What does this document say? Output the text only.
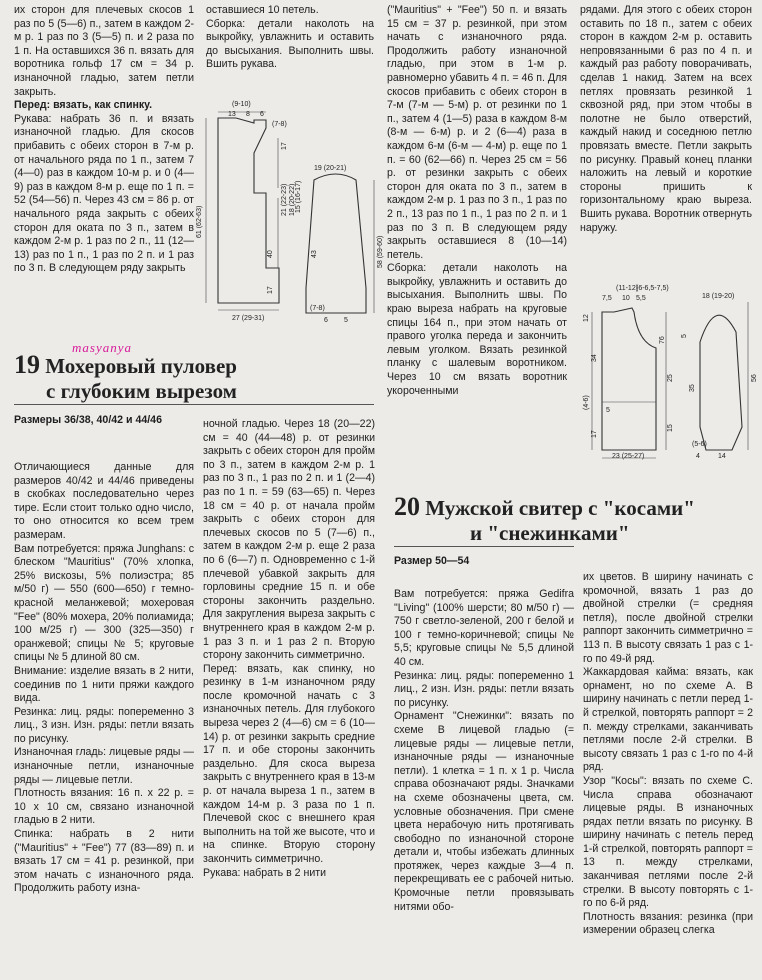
их сторон для плечевых скосов 1 раз по 5 (5—6) п., затем в каждом 2-м р. 1 раз по 3 (5—5) п. и 2 раза по 1 п. На оставшихся 36 п. вязать для воротника гольф 17 см = 34 р. изнаночной гладью, затем петли закрыть.

Перед: вязать, как спинку.

Рукава: набрать 36 п. и вязать изнаночной гладью. Для скосов прибавить с обеих сторон в 7-м р. от начального ряда по 1 п., затем 7 (4—0) раз в каждом 10-м р. и 0 (4—9) раз в каждом 8-м р. еще по 1 п. = 52 (54—56) п. Через 43 см = 86 р. от начального ряда закрыть с обеих сторон для оката по 3 п., затем в каждом 2-м р. 1 раз по 2 п., 11 (12—13) раз по 1 п., 1 раз по 2 п. и 1 раз по 3 п. В следующем ряду закрыть

оставшиеся 10 петель.

Сборка: детали наколоть на выкройку, увлажнить и оставить до высыхания. Выполнить швы. Вшить рукава.

(9-10)
13 8 6
(7-8)
61 (62-63)
17
21 (22-23) 18 (20-22)
40
17
27 (29-31)
19 (20-21)
15 (16-17)
43	58 (59-60)
(7-8)
6 5

("Mauritius" + "Fee") 50 п. и вязать 15 см = 37 р. резинкой, при этом начать с изнаночного ряда. Продолжить работу изнаночной гладью, при этом в 1-м р. равномерно убавить 4 п. = 46 п. Для скосов прибавить с обеих сторон в 7-м (7-м — 5-м) р. от резинки по 1 п., затем 4 (1—5) раза в каждом 8-м (8-м — 6-м) р. и 2 (6—4) раза в каждом 6-м (6-м — 4-м) р. еще по 1 п. = 60 (62—66) п. Через 25 см = 56 р. от резинки закрыть с обеих сторон для оката по 3 п., затем в каждом 2-м р. 1 раз по 3 п., 1 раз по 2 п., 13 раз по 1 п., 1 раз по 2 п. и 1 раз по 3 п. В следующем ряду закрыть оставшиеся 8 (10—14) петель.

Сборка: детали наколоть на выкройку, увлажнить и оставить до высыхания. Выполнить швы. По краю выреза набрать на круговые спицы 164 п., при этом начать от правого уголка переда и закончить левым уголком. Вязать резинкой планку с шалевым воротником. Через 10 см вязать воротник укороченными

рядами. Для этого с обеих сторон оставить по 18 п., затем с обеих сторон в каждом 2-м р. оставить непровязанными 6 раз по 4 п. и каждый раз работу поворачивать, сделав 1 накид. Затем на всех петлях провязать резинкой 1 сквозной ряд, при этом чтобы в полотне не было отверстий, каждый накид и соседнюю петлю провязать вместе. Петли закрыть по рисунку. Правый конец планки наложить на левый и короткие стороны пришить к горизонтальному краю выреза. Вшить рукава. Воротник отвернуть наружу.

(11-12)
(6-6,5-7,5)
7,5 10 5,5
12
34
(4-6)
5
17
25
15
76
23 (25-27)
18 (19-20)
35
5
56
(5-6)
4	14
masyanya
19 Мохеровый пуловер
с глубоким вырезом

Размеры 36/38, 40/42 и 44/46

Отличающиеся данные для размеров 40/42 и 44/46 приведены в скобках последовательно через тире. Если стоит только одно число, то оно относится ко всем трем размерам.

Вам потребуется: пряжа Junghans: с блеском "Mauritius" (70% хлопка, 25% вискозы, 5% полиэстра; 85 м/50 г) — 550 (600—650) г темно-красной меланжевой; мохеровая "Fee" (80% мохера, 20% полиамида; 100 м/25 г) — 300 (325—350) г оранжевой; спицы № 5; круговые спицы № 5 длиной 80 см.

Внимание: изделие вязать в 2 нити, соединив по 1 нити пряжи каждого вида.

Резинка: лиц. ряды: попеременно 3 лиц., 3 изн. Изн. ряды: петли вязать по рисунку.

Изнаночная гладь: лицевые ряды — изнаночные петли, изнаночные ряды — лицевые петли.

Плотность вязания: 16 п. х 22 р. = 10 х 10 см, связано изнаночной гладью в 2 нити.

Спинка: набрать в 2 нити ("Mauritius" + "Fee") 77 (83—89) п. и вязать 17 см = 41 р. резинкой, при этом начать с изнаночного ряда. Продолжить работу изна-

ночной гладью. Через 18 (20—22) см = 40 (44—48) р. от резинки закрыть с обеих сторон для пройм по 3 п., затем в каждом 2-м р. 1 раз по 3 п., 1 раз по 2 п. и 1 (2—4) раз по 1 п. = 59 (63—65) п. Через 18 см = 40 р. от начала пройм закрыть с обеих сторон для плечевых скосов по 5 (7—6) п., затем в каждом 2-м р. еще 2 раза по 6 (6—7) п. Одновременно с 1-й плечевой убавкой закрыть для горловины средние 15 п. и обе стороны закончить раздельно. Для закругления выреза закрыть с внутреннего края в каждом 2-м р. 1 раз 3 п. и 1 раз 2 п. Вторую сторону закончить симметрично.

Перед: вязать, как спинку, но резинку в 1-м изнаночном ряду после кромочной начать с 3 изнаночных петель. Для глубокого выреза через 2 (4—6) см = 6 (10—14) р. от резинки закрыть средние 17 п. и обе стороны закончить раздельно. Для скоса выреза закрыть с внутреннего края в 13-м р. от начала выреза 1 п., затем в каждом 14-м р. 3 раза по 1 п. Плечевой скос с внешнего края выполнить на той же высоте, что и на спинке. Вторую сторону закончить симметрично.

Рукава: набрать в 2 нити

20 Мужской свитер с "косами"
и "снежинками"

Размер 50—54

Вам потребуется: пряжа Gedifra "Living" (100% шерсти; 80 м/50 г) — 750 г светло-зеленой, 200 г белой и 100 г темно-коричневой; спицы № 5,5; круговые спицы № 5,5 длиной 40 см.

Резинка: лиц. ряды: попеременно 1 лиц., 2 изн. Изн. ряды: петли вязать по рисунку.

Орнамент "Снежинки": вязать по схеме В лицевой гладью (= лицевые ряды — лицевые петли, изнаночные ряды — изнаночные петли). 1 клетка = 1 п. х 1 р. Числа справа обозначают ряды. Значками на схеме обозначены цвета, см. условные обозначения. При смене цвета нерабочую нить протягивать свободно по изнаночной стороне детали и, чтобы избежать длинных протяжек, через каждые 3—4 п. перекрещивать ее с рабочей нитью. Кромочные петли провязывать нитями обо-

их цветов. В ширину начинать с кромочной, вязать 1 раз до двойной стрелки (= средняя петля), после двойной стрелки раппорт закончить симметрично = 113 п. В высоту связать 1 раз с 1-го по 49-й ряд.

Жаккардовая кайма: вязать, как орнамент, но по схеме А. В ширину начинать с петли перед 1-й стрелкой, повторять раппорт = 2 п. между стрелками, заканчивать петлями после 2-й стрелки. В высоту связать 1 раз с 1-го по 4-й ряд.

Узор "Косы": вязать по схеме С. Числа справа обозначают лицевые ряды. В изнаночных рядах петли вязать по рисунку. В ширину начинать с петель перед 1-й стрелкой, повторять раппорт = 13 п. между стрелками, заканчивая петлями после 2-й стрелки. В высоту повторять с 1-го по 6-й ряд.

Плотность вязания: резинка (при измерении образец слегка
